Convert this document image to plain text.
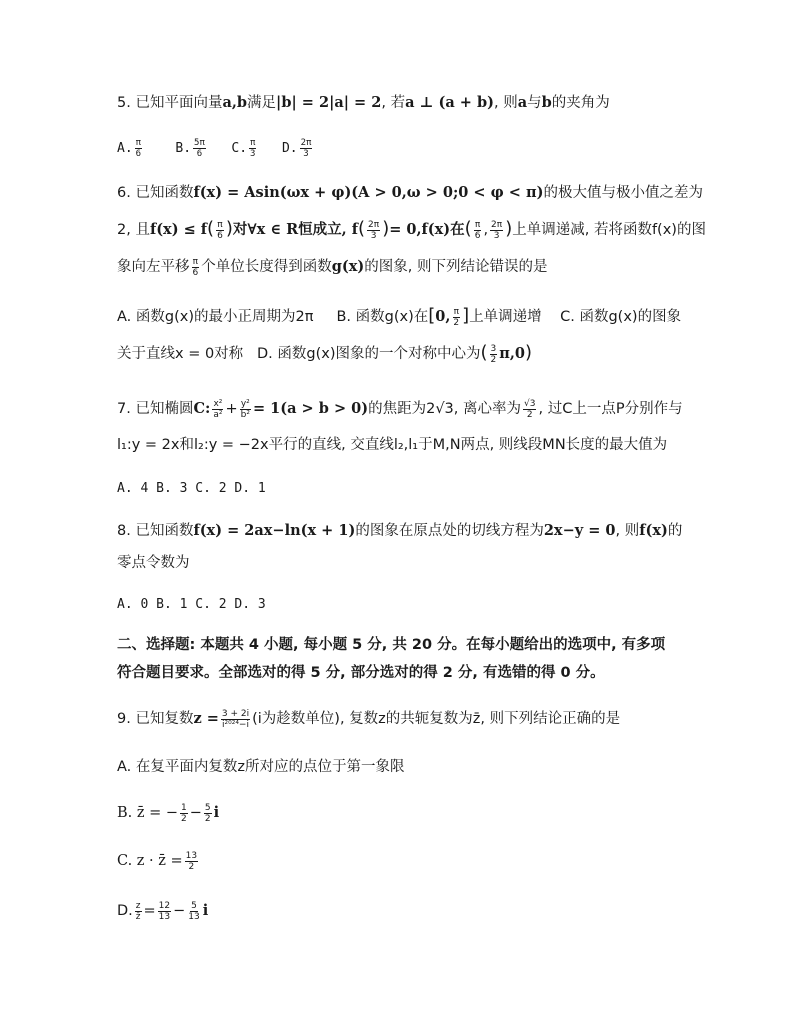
5. 已知平面向量a,b满足|b| = 2|a| = 2, 若a ⊥ (a + b), 则a与b的夹角为
A. $\frac{\pi}{6}$	B. $\frac{5\pi}{6} C$. $\frac{\pi}{3} D$. $\frac{2\pi}{3}$
6. 已知函数f(x) = Asin(ωx + φ)(A > 0,ω > 0;0 < φ < π)的极大值与极小值之差为
2, 且$f(x) \le f( \frac{\pi}{6}$ )对∀x ∈ R恒成立, $f( \frac{2\pi}{3}$ )= 0,f(x)在( $\frac{\pi}{6}$ , $\frac{2\pi}{3}$ )上单调递减, 若将函数f(x)的图
象向左平移 $\frac{\pi}{6}$ 个单位长度得到函数g(x)的图象, 则下列结论错误的是
A. 函数g(x)的最小正周期为2π B. 函数g(x)在[0, $\frac{\pi}{2}$ ]上单调递增 C. 函数g(x)的图象
关于直线x = 0对称 D. 函数g(x)图象的一个对称中心为( $\frac{3}{2} \pi,0$)
7. 已知椭圆C: $\frac{\text{x²}}{\text{a²}} + \frac{\text{y²}}{\text{b²}} = 1(a > b > 0)$的焦距为2√3, 离心率为 $\frac{√3}{2}$ , 过C上一点P分别作与
l₁:y = 2x和l₂:y = −2x平行的直线, 交直线l₂,l₁于M,N两点, 则线段MN长度的最大值为
A. 4 B. 3 C. 2 D. 1
8. 已知函数f(x) = 2ax−ln(x + 1)的图象在原点处的切线方程为2x−y = 0, 则f(x)的
零点令数为
A. 0 B. 1 C. 2 D. 3
二、选择题: 本题共 4 小题, 每小题 5 分, 共 20 分。在每小题给出的选项中, 有多项
符合题目要求。全部选对的得 5 分, 部分选对的得 2 分, 有选错的得 0 分。
9. 已知复数$z = \frac{3 + 2i}{\text{i²⁰²⁴−i}} (i$为趁数单位), 复数z的共轭复数为z̄, 则下列结论正确的是
A. 在复平面内复数z所对应的点位于第一象限
B. z̄ = − $\frac{1}{2} - \frac{5}{2}$ i
C. z · z̄ = $\frac{13}{2}$
D. $\frac{z}{z̄} = \frac{12}{13} - \frac{5}{13}$ i
